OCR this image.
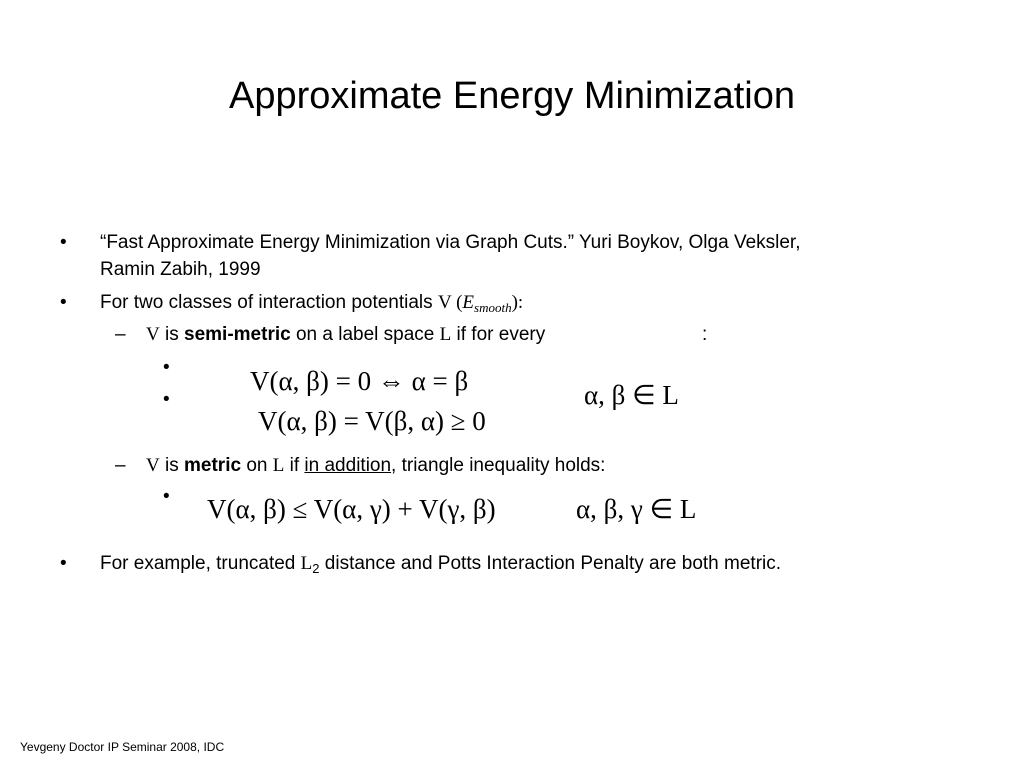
Approximate Energy Minimization
• “Fast Approximate Energy Minimization via Graph Cuts.” Yuri Boykov, Olga Veksler,
Ramin Zabih, 1999
• For two classes of interaction potentials V $(E_{smooth})$:
– V is semi-metric on a label space L if for every	:
•
•
V(α, β) = 0 ⇔ α = β
V(α, β) = V(β, α) ≥ 0
α, β ∈ L
– V is metric on L if in addition, triangle inequality holds:
• V(α, β) ≤ V(α, γ) + V(γ, β)	α, β, γ ∈ L
• For example, truncated $L_2$ distance and Potts Interaction Penalty are both metric.
Yevgeny Doctor IP Seminar 2008, IDC
